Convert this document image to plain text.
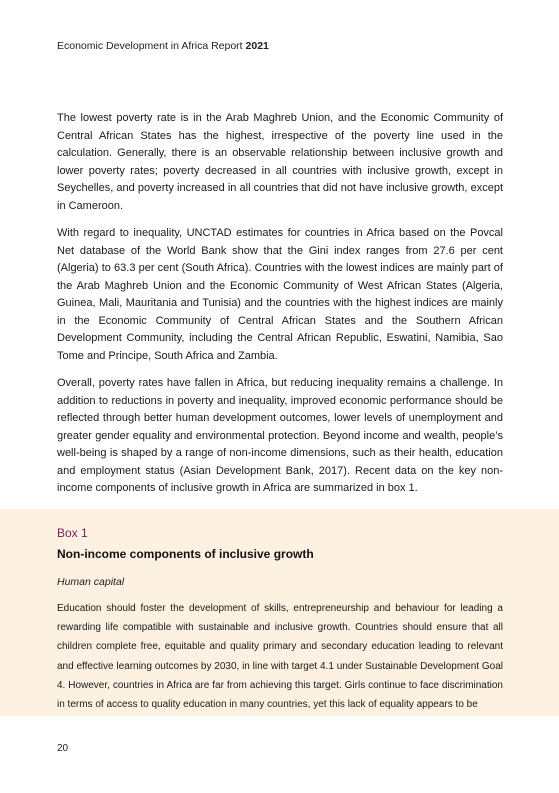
Economic Development in Africa Report 2021

The lowest poverty rate is in the Arab Maghreb Union, and the Economic Community of Central African States has the highest, irrespective of the poverty line used in the calculation. Generally, there is an observable relationship between inclusive growth and lower poverty rates; poverty decreased in all countries with inclusive growth, except in Seychelles, and poverty increased in all countries that did not have inclusive growth, except in Cameroon.

With regard to inequality, UNCTAD estimates for countries in Africa based on the Povcal Net database of the World Bank show that the Gini index ranges from 27.6 per cent (Algeria) to 63.3 per cent (South Africa). Countries with the lowest indices are mainly part of the Arab Maghreb Union and the Economic Community of West African States (Algeria, Guinea, Mali, Mauritania and Tunisia) and the countries with the highest indices are mainly in the Economic Community of Central African States and the Southern African Development Community, including the Central African Republic, Eswatini, Namibia, Sao Tome and Principe, South Africa and Zambia.

Overall, poverty rates have fallen in Africa, but reducing inequality remains a challenge. In addition to reductions in poverty and inequality, improved economic performance should be reflected through better human development outcomes, lower levels of unemployment and greater gender equality and environmental protection. Beyond income and wealth, people’s well-being is shaped by a range of non-income dimensions, such as their health, education and employment status (Asian Development Bank, 2017). Recent data on the key non-income components of inclusive growth in Africa are summarized in box 1.

Box 1
Non-income components of inclusive growth
Human capital

Education should foster the development of skills, entrepreneurship and behaviour for leading a rewarding life compatible with sustainable and inclusive growth. Countries should ensure that all children complete free, equitable and quality primary and secondary education leading to relevant and effective learning outcomes by 2030, in line with target 4.1 under Sustainable Development Goal 4. However, countries in Africa are far from achieving this target. Girls continue to face discrimination in terms of access to quality education in many countries, yet this lack of equality appears to be

20
